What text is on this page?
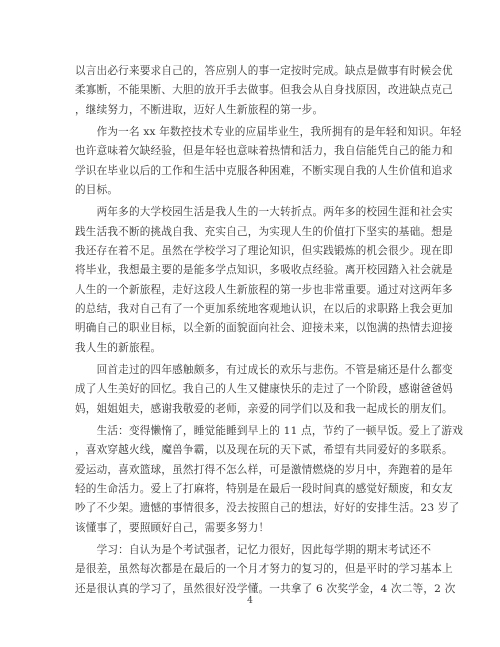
以言出必行来要求自己的，答应别人的事一定按时完成。缺点是做事有时候会优
柔寡断，不能果断、大胆的放开手去做事。但我会从自身找原因，改进缺点克己
，继续努力，不断进取，迈好人生新旅程的第一步。

　　作为一名 xx 年数控技术专业的应届毕业生，我所拥有的是年轻和知识。年轻
也许意味着欠缺经验，但是年轻也意味着热情和活力，我自信能凭自己的能力和
学识在毕业以后的工作和生活中克服各种困难，不断实现自我的人生价值和追求
的目标。

　　两年多的大学校园生活是我人生的一大转折点。两年多的校园生涯和社会实
践生活我不断的挑战自我、充实自己，为实现人生的价值打下坚实的基础。想是
我还存在着不足。虽然在学校学习了理论知识，但实践锻炼的机会很少。现在即
将毕业，我想最主要的是能多学点知识，多吸收点经验。离开校园踏入社会就是
人生的一个新旅程，走好这段人生新旅程的第一步也非常重要。通过对这两年多
的总结，我对自己有了一个更加系统地客观地认识，在以后的求职路上我会更加
明确自己的职业目标，以全新的面貌面向社会、迎接未来，以饱满的热情去迎接
我人生的新旅程。

　　回首走过的四年感触颇多，有过成长的欢乐与悲伤。不管是痛还是什么都变
成了人生美好的回忆。我自己的人生又健康快乐的走过了一个阶段，感谢爸爸妈
妈，姐姐姐夫，感谢我敬爱的老师，亲爱的同学们以及和我一起成长的朋友们。

　　生活：变得懒惰了，睡觉能睡到早上的 11 点，节约了一顿早饭。爱上了游戏
，喜欢穿越火线，魔兽争霸，以及现在玩的天下贰，希望有共同爱好的多联系。
爱运动，喜欢篮球，虽然打得不怎么样，可是激情燃烧的岁月中，奔跑着的是年
轻的生命活力。爱上了打麻将，特别是在最后一段时间真的感觉好颓废，和女友
吵了不少架。遗憾的事情很多，没去按照自己的想法，好好的安排生活。23 岁了
该懂事了，要照顾好自己，需要多努力！

　　学习：自认为是个考试强者，记忆力很好，因此每学期的期末考试还不
是很差，虽然每次都是在最后的一个月才努力的复习的，但是平时的学习基本上
还是很认真的学习了，虽然很好没学懂。一共拿了 6 次奖学金，4 次二等，2 次

4
